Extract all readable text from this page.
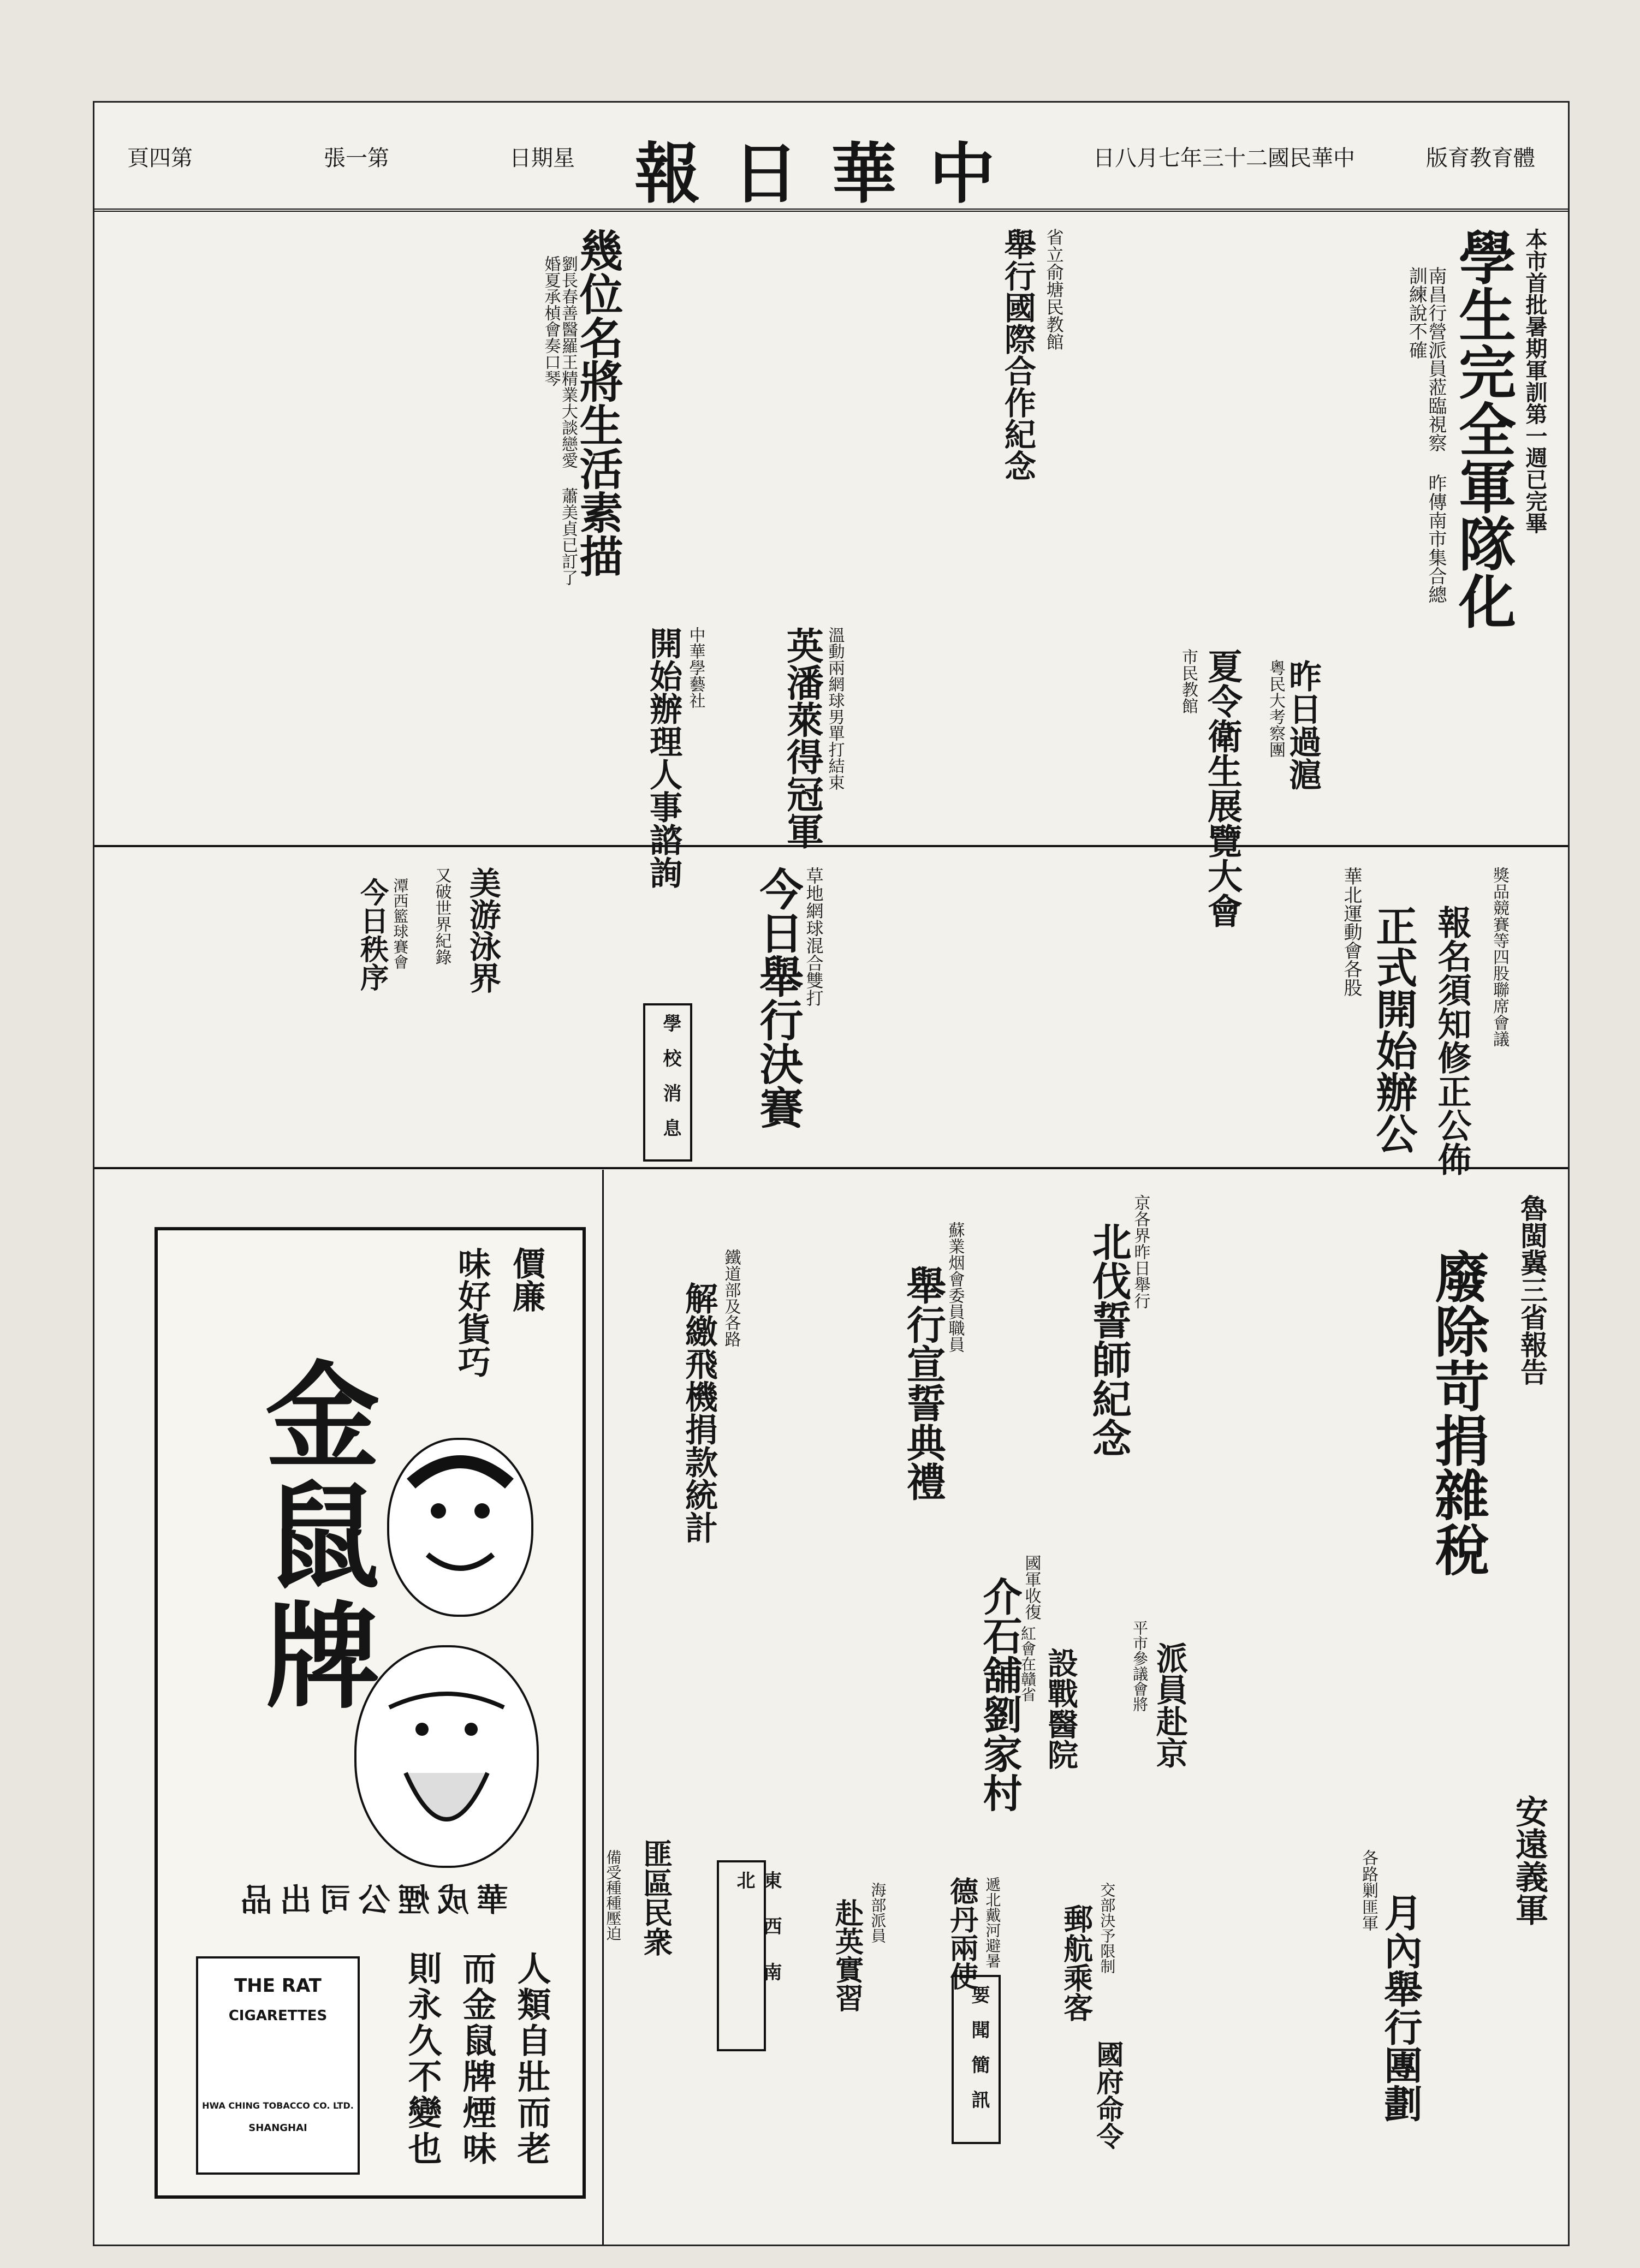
版育教育體
日八月七年三十二國民華中
報日華中
日期星
張一第
頁四第
本市首批暑期軍訓第一週已完畢
學生完全軍隊化
南昌行營派員蒞臨視察 昨傳南市集合總訓練說不確
夏令衛生展覽大會
市民教館	昨日過滬
粵民大考察團
舉行國際合作紀念 省立俞塘民教館
英潘萊得冠軍 溫動兩網球男單打結束
開始辦理人事諮詢 中華學藝社
幾位名將生活素描
劉長春善醫羅王精業大談戀愛 蕭美貞已訂了婚夏承楨會奏口琴
正式開始辦公
華北運動會各股 報名須知修正公佈 獎品競賽等四股聯席會議
今日舉行決賽 草地網球混合雙打
學校消息
美游泳界
又破世界紀錄
今日秩序 潭西籃球賽會
廢除苛捐雜稅 魯閩冀三省報告
北伐誓師紀念
京各界昨日舉行
舉行宣誓典禮
蘇業烟會委員職員
解繳飛機捐款統計 鐵道部及各路
介石舖劉家村
國軍收復
月內舉行團劃
各路剿匪軍
派員赴京
平市參議會將
設戰醫院
紅會在贛省
郵航乘客 交部決予限制
德丹兩使 遞北戴河避暑
赴英實習 海部派員
國府命令
匪區民衆
備受種種壓迫	安遠義軍
要聞簡訊
東西南北
價廉
味好貨巧
金鼠牌
華成煙公司出品
人類自壯而老
而金鼠牌煙味
則永久不變也
THE RAT
CIGARETTES
HWA CHING TOBACCO CO. LTD.
SHANGHAI
